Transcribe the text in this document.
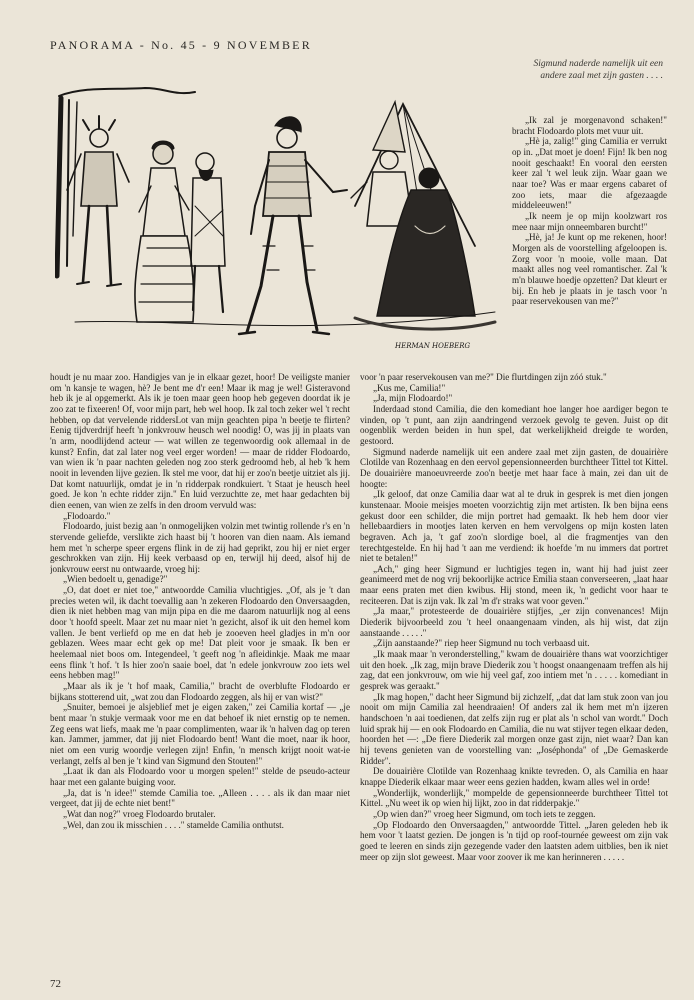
PANORAMA - No. 45 - 9 NOVEMBER
HERMAN HOEBERG
Sigmund naderde namelijk uit een andere zaal met zijn gasten . . . .

„Ik zal je morgenavond schaken!" bracht Flodoardo plots met vuur uit.

„Hè ja, zalig!" ging Camilia er verrukt op in. „Dat moet je doen! Fijn! Ik ben nog nooit geschaakt! En vooral den eersten keer zal 't wel leuk zijn. Waar gaan we naar toe? Was er maar ergens cabaret of zoo iets, maar die afgezaagde middeleeuwen!"

„Ik neem je op mijn koolzwart ros mee naar mijn onneembaren burcht!"

„Hè, ja! Je kunt op me rekenen, hoor! Morgen als de voorstelling afgeloopen is. Zorg voor 'n mooie, volle maan. Dat maakt alles nog veel romantischer. Zal 'k m'n blauwe hoedje opzetten? Dat kleurt er bij. En heb je plaats in je tasch voor 'n paar reservekousen van me?"

houdt je nu maar zoo. Handigjes van je in elkaar gezet, hoor! De veiligste manier om 'n kansje te wagen, hè? Je bent me d'r een! Maar ik mag je wel! Gisteravond heb ik je al opgemerkt. Als ik je toen maar geen hoop heb gegeven doordat ik je zoo zat te fixeeren! Of, voor mijn part, heb wel hoop. Ik zal toch zeker wel 't recht hebben, op dat vervelende riddersLot van mijn geachten pipa 'n beetje te flirten? Eenig tijdverdrijf heeft 'n jonkvrouw heusch wel noodig! O, was jij in plaats van 'n arm, noodlijdend acteur — wat willen ze tegenwoordig ook allemaal in de kunst? Enfin, dat zal later nog veel erger worden! — maar de ridder Flodoardo, van wien ik 'n paar nachten geleden nog zoo sterk gedroomd heb, al heb 'k hem nooit in levenden lijve gezien. Ik stel me voor, dat hij er zoo'n beetje uitziet als jij. Dat komt natuurlijk, omdat je in 'n ridderpak rondkuiert. 't Staat je heusch heel goed. Je kon 'n echte ridder zijn." En luid verzuchtte ze, met haar gedachten bij dien eenen, van wien ze zelfs in den droom vervuld was:

„Flodoardo."

Flodoardo, juist bezig aan 'n onmogelijken volzin met twintig rollende r's en 'n stervende geliefde, verslikte zich haast bij 't hooren van dien naam. Als iemand hem met 'n scherpe speer ergens flink in de zij had geprikt, zou hij er niet erger geschrokken van zijn. Hij keek verbaasd op en, terwijl hij deed, alsof hij de jonkvrouw eerst nu ontwaarde, vroeg hij:

„Wien bedoelt u, genadige?"

„O, dat doet er niet toe," antwoordde Camilia vluchtigjes. „Of, als je 't dan precies weten wil, ik dacht toevallig aan 'n zekeren Flodoardo den Onversaagden, dien ik niet hebben mag van mijn pipa en die me daarom natuurlijk nog al eens door 't hoofd speelt. Maar zet nu maar niet 'n gezicht, alsof ik uit den hemel kom vallen. Je bent verliefd op me en dat heb je zooeven heel gladjes in m'n oor geblazen. Wees maar echt gek op me! Dat pleit voor je smaak. Ik ben er heelemaal niet boos om. Integendeel, 't geeft nog 'n afleidinkje. Maak me maar eens flink 't hof. 't Is hier zoo'n saaie boel, dat 'n edele jonkvrouw zoo iets wel eens hebben mag!"

„Maar als ik je 't hof maak, Camilia," bracht de overblufte Flodoardo er bijkans stotterend uit, „wat zou dan Flodoardo zeggen, als hij er van wist?"

„Snuiter, bemoei je alsjeblief met je eigen zaken," zei Camilia kortaf — „je bent maar 'n stukje vermaak voor me en dat behoef ik niet ernstig op te nemen. Zeg eens wat liefs, maak me 'n paar complimenten, waar ik 'n halven dag op teren kan. Jammer, jammer, dat jij niet Flodoardo bent! Want die moet, naar ik hoor, niet om een vurig woordje verlegen zijn! Enfin, 'n mensch krijgt nooit wat-ie verlangt, zelfs al ben je 't kind van Sigmund den Stouten!"

„Laat ik dan als Flodoardo voor u morgen spelen!" stelde de pseudo-acteur haar met een galante buiging voor.

„Ja, dat is 'n idee!" stemde Camilia toe. „Alleen . . . . als ik dan maar niet vergeet, dat jij de echte niet bent!"

„Wat dan nog?" vroeg Flodoardo brutaler.

„Wel, dan zou ik misschien . . . ." stamelde Camilia onthutst.

voor 'n paar reservekousen van me?" Die flurtdingen zijn zóó stuk."

„Kus me, Camilia!"

„Ja, mijn Flodoardo!"

Inderdaad stond Camilia, die den komediant hoe langer hoe aardiger begon te vinden, op 't punt, aan zijn aandringend verzoek gevolg te geven. Juist op dit oogenblik werden beiden in hun spel, dat werkelijkheid dreigde te worden, gestoord.

Sigmund naderde namelijk uit een andere zaal met zijn gasten, de douairière Clotilde van Rozenhaag en den eervol gepensionneerden burchtheer Tittel tot Kittel. De douairière manoeuvreerde zoo'n beetje met haar face à main, zei dan uit de hoogte:

„Ik geloof, dat onze Camilia daar wat al te druk in gesprek is met dien jongen kunstenaar. Mooie meisjes moeten voorzichtig zijn met artisten. Ik ben bijna eens gekust door een schilder, die mijn portret had gemaakt. Ik heb hem door vier hellebaardiers in mootjes laten kerven en hem vervolgens op mijn kosten laten begraven. Ach ja, 't gaf zoo'n slordige boel, al die fragmentjes van den terechtgestelde. En hij had 't aan me verdiend: ik hoefde 'm nu immers dat portret niet te betalen!"

„Ach," ging heer Sigmund er luchtigjes tegen in, want hij had juist zeer geanimeerd met de nog vrij bekoorlijke actrice Emilia staan converseeren, „laat haar maar eens praten met dien kwibus. Hij stond, meen ik, 'n gedicht voor haar te reciteeren. Dat is zijn vak. Ik zal 'm d'r straks wat voor geven."

„Ja maar," protesteerde de douairière stijfjes, „er zijn convenances! Mijn Diederik bijvoorbeeld zou 't heel onaangenaam vinden, als hij wist, dat zijn aanstaande . . . . ."

„Zijn aanstaande?" riep heer Sigmund nu toch verbaasd uit.

„Ik maak maar 'n veronderstelling," kwam de douairière thans wat voorzichtiger uit den hoek. „Ik zag, mijn brave Diederik zou 't hoogst onaangenaam treffen als hij zag, dat een jonkvrouw, om wie hij veel gaf, zoo intiem met 'n . . . . . komediant in gesprek was geraakt."

„Ik mag hopen," dacht heer Sigmund bij zichzelf, „dat dat lam stuk zoon van jou nooit om mijn Camilia zal heendraaien! Of anders zal ik hem met m'n ijzeren handschoen 'n aai toedienen, dat zelfs zijn rug er plat als 'n schol van wordt." Doch luid sprak hij — en ook Flodoardo en Camilia, die nu wat stijver tegen elkaar deden, hoorden het —: „De fiere Diederik zal morgen onze gast zijn, niet waar? Dan kan hij tevens genieten van de voorstelling van: „Joséphonda" of „De Gemaskerde Ridder".

De douairière Clotilde van Rozenhaag knikte tevreden. O, als Camilia en haar knappe Diederik elkaar maar weer eens gezien hadden, kwam alles wel in orde!

„Wonderlijk, wonderlijk," mompelde de gepensionneerde burchtheer Tittel tot Kittel. „Nu weet ik op wien hij lijkt, zoo in dat ridderpakje."

„Op wien dan?" vroeg heer Sigmund, om toch iets te zeggen.

„Op Flodoardo den Onversaagden," antwoordde Tittel. „Jaren geleden heb ik hem voor 't laatst gezien. De jongen is 'n tijd op roof-tournée geweest om zijn vak goed te leeren en sinds zijn gezegende vader den laatsten adem uitblies, ben ik niet meer op zijn slot geweest. Maar voor zoover ik me kan herinneren . . . . .

72
